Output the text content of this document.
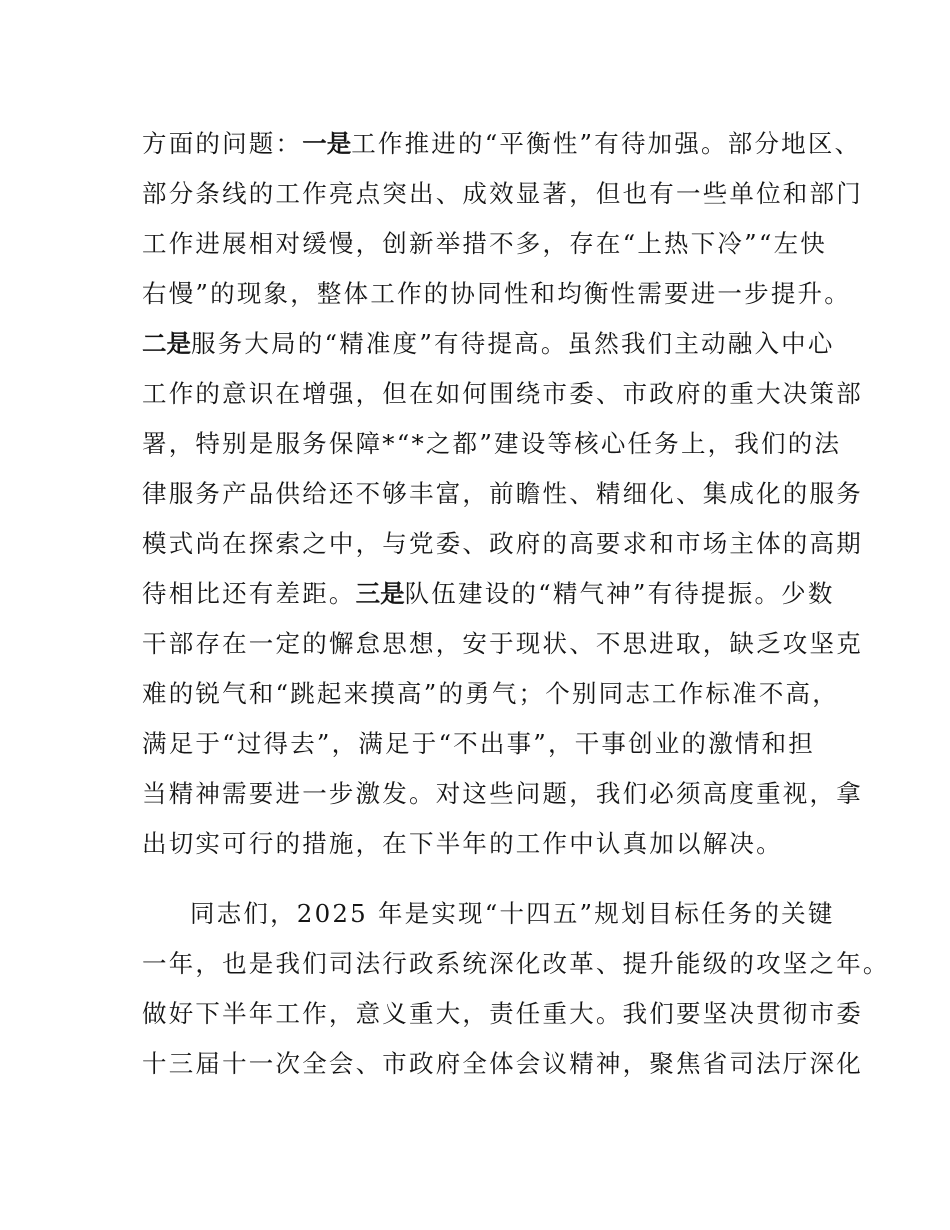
方面的问题：一是工作推进的“平衡性”有待加强。部分地区、
部分条线的工作亮点突出、成效显著，但也有一些单位和部门
工作进展相对缓慢，创新举措不多，存在“上热下冷”“左快
右慢”的现象，整体工作的协同性和均衡性需要进一步提升。
二是服务大局的“精准度”有待提高。虽然我们主动融入中心
工作的意识在增强，但在如何围绕市委、市政府的重大决策部
署，特别是服务保障*“*之都”建设等核心任务上，我们的法
律服务产品供给还不够丰富，前瞻性、精细化、集成化的服务
模式尚在探索之中，与党委、政府的高要求和市场主体的高期
待相比还有差距。三是队伍建设的“精气神”有待提振。少数
干部存在一定的懈怠思想，安于现状、不思进取，缺乏攻坚克
难的锐气和“跳起来摸高”的勇气；个别同志工作标准不高，
满足于“过得去”，满足于“不出事”，干事创业的激情和担
当精神需要进一步激发。对这些问题，我们必须高度重视，拿
出切实可行的措施，在下半年的工作中认真加以解决。
同志们，2025 年是实现“十四五”规划目标任务的关键
一年，也是我们司法行政系统深化改革、提升能级的攻坚之年。
做好下半年工作，意义重大，责任重大。我们要坚决贯彻市委
十三届十一次全会、市政府全体会议精神，聚焦省司法厅深化
